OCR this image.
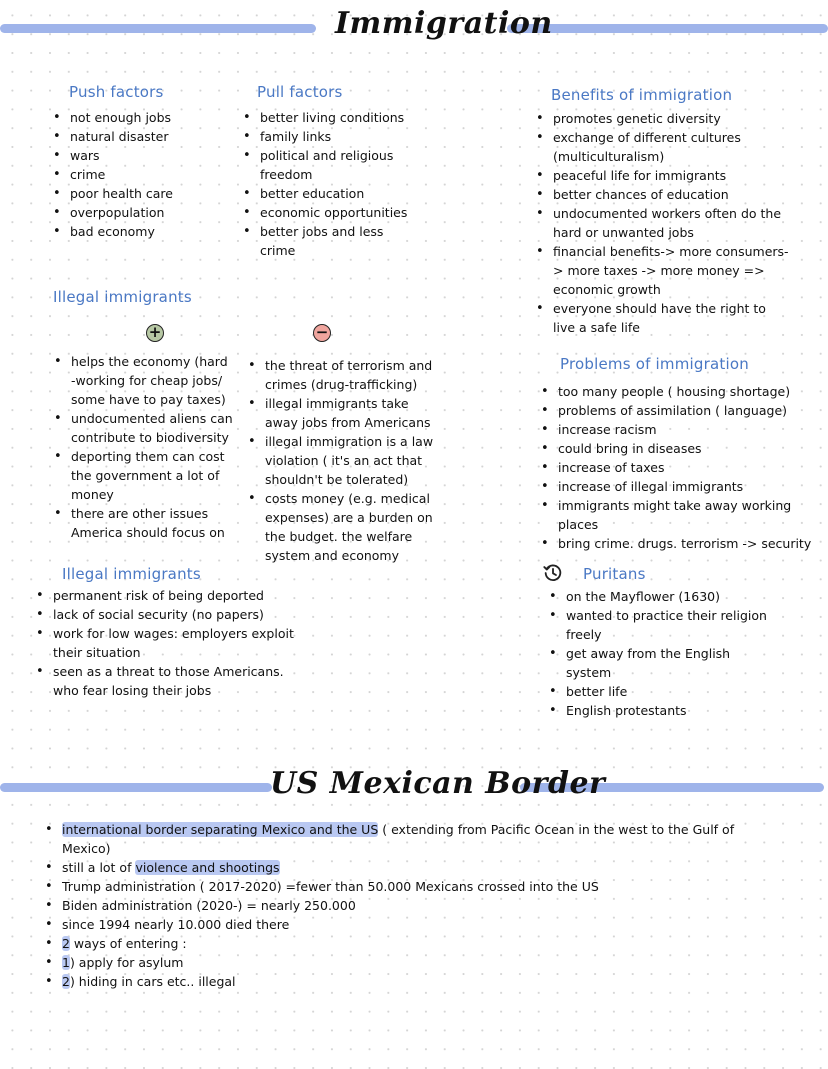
Immigration
Push factors
• not enough jobs
• natural disaster
• wars
• crime
• poor health care
• overpopulation
• bad economy
Pull factors
• better living conditions
• family links
• political and religious freedom
• better education
• economic opportunities
• better jobs and less crime
Benefits of immigration
• promotes genetic diversity
• exchange of different cultures (multiculturalism)
• peaceful life for immigrants
• better chances of education
• undocumented workers often do the hard or unwanted jobs
• financial benefits-> more consumers-> more taxes -> more money => economic growth
• everyone should have the right to live a safe life
Illegal immigrants
+	−
• helps the economy (hard -working for cheap jobs/ some have to pay taxes)
• undocumented aliens can contribute to biodiversity
• deporting them can cost the government a lot of money
• there are other issues America should focus on
• the threat of terrorism and crimes (drug-trafficking)
• illegal immigrants take away jobs from Americans
• illegal immigration is a law violation ( it's an act that shouldn't be tolerated)
• costs money (e.g. medical expenses) are a burden on the budget. the welfare system and economy
Problems of immigration
• too many people ( housing shortage)
• problems of assimilation ( language)
• increase racism
• could bring in diseases
• increase of taxes
• increase of illegal immigrants
• immigrants might take away working places
• bring crime. drugs. terrorism -> security
Illegal immigrants
• permanent risk of being deported
• lack of social security (no papers)
• work for low wages: employers exploit their situation
• seen as a threat to those Americans. who fear losing their jobs
Puritans
• on the Mayflower (1630)
• wanted to practice their religion freely
• get away from the English system
• better life
• English protestants
US Mexican Border
• international border separating Mexico and the US ( extending from Pacific Ocean in the west to the Gulf of Mexico)
• still a lot of violence and shootings
• Trump administration ( 2017-2020) =fewer than 50.000 Mexicans crossed into the US
• Biden administration (2020-) = nearly 250.000
• since 1994 nearly 10.000 died there
• 2 ways of entering :
• 1) apply for asylum
• 2) hiding in cars etc.. illegal
